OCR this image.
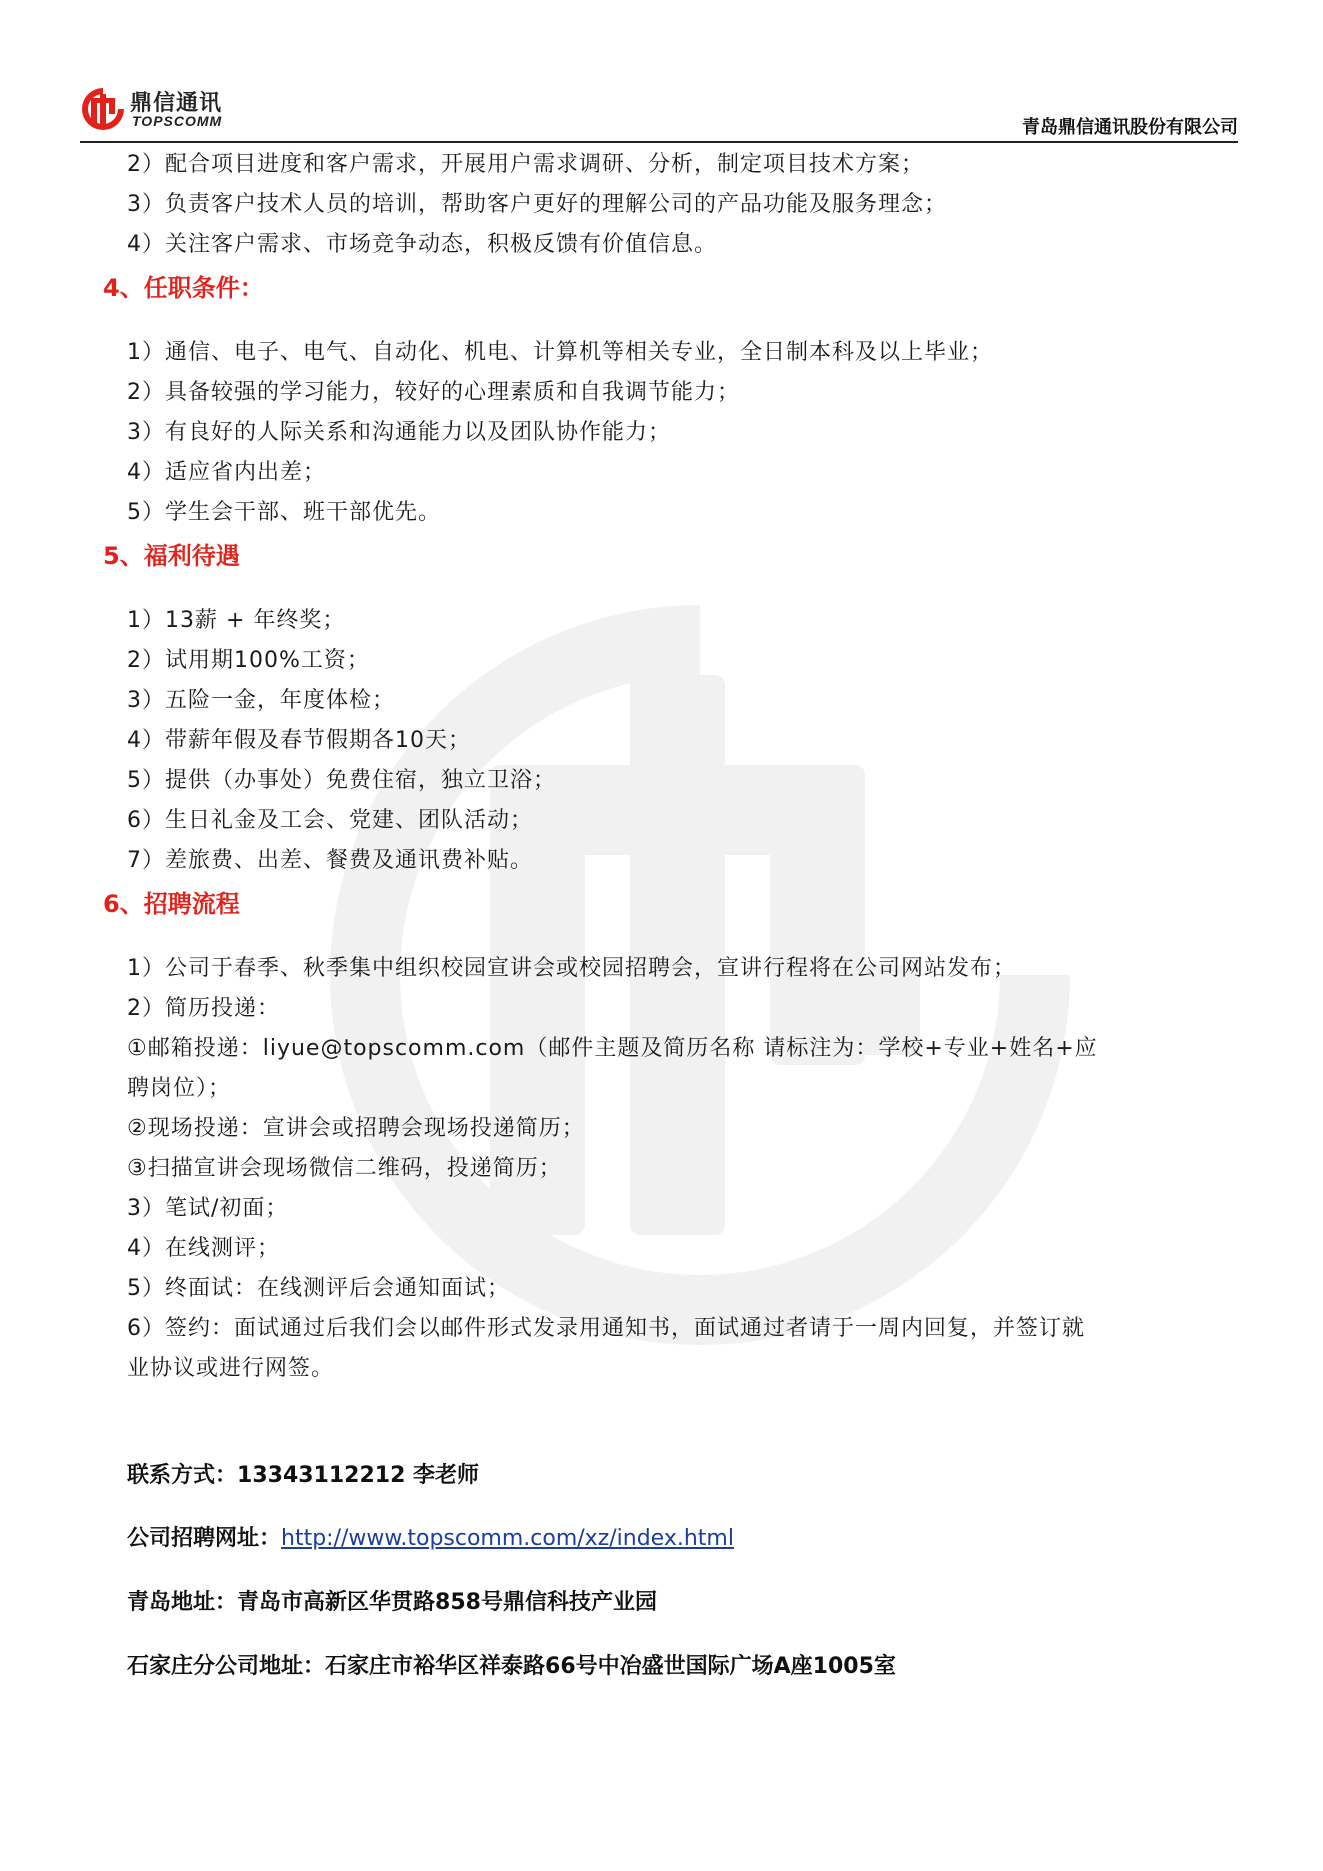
鼎信通讯
TOPSCOMM	青岛鼎信通讯股份有限公司
2）配合项目进度和客户需求，开展用户需求调研、分析，制定项目技术方案；
3）负责客户技术人员的培训，帮助客户更好的理解公司的产品功能及服务理念；
4）关注客户需求、市场竞争动态，积极反馈有价值信息。
4、任职条件：
1）通信、电子、电气、自动化、机电、计算机等相关专业，全日制本科及以上毕业；
2）具备较强的学习能力，较好的心理素质和自我调节能力；
3）有良好的人际关系和沟通能力以及团队协作能力；
4）适应省内出差；
5）学生会干部、班干部优先。
5、福利待遇
1）13薪 + 年终奖；
2）试用期100%工资；
3）五险一金，年度体检；
4）带薪年假及春节假期各10天；
5）提供（办事处）免费住宿，独立卫浴；
6）生日礼金及工会、党建、团队活动；
7）差旅费、出差、餐费及通讯费补贴。
6、招聘流程
1）公司于春季、秋季集中组织校园宣讲会或校园招聘会，宣讲行程将在公司网站发布；
2）简历投递：
①邮箱投递：liyue@topscomm.com（邮件主题及简历名称 请标注为：学校+专业+姓名+应
聘岗位）；
②现场投递：宣讲会或招聘会现场投递简历；
③扫描宣讲会现场微信二维码，投递简历；
3）笔试/初面；
4）在线测评；
5）终面试：在线测评后会通知面试；
6）签约：面试通过后我们会以邮件形式发录用通知书，面试通过者请于一周内回复，并签订就
业协议或进行网签。
联系方式：13343112212 李老师
公司招聘网址：http://www.topscomm.com/xz/index.html
青岛地址：青岛市高新区华贯路858号鼎信科技产业园
石家庄分公司地址：石家庄市裕华区祥泰路66号中冶盛世国际广场A座1005室
